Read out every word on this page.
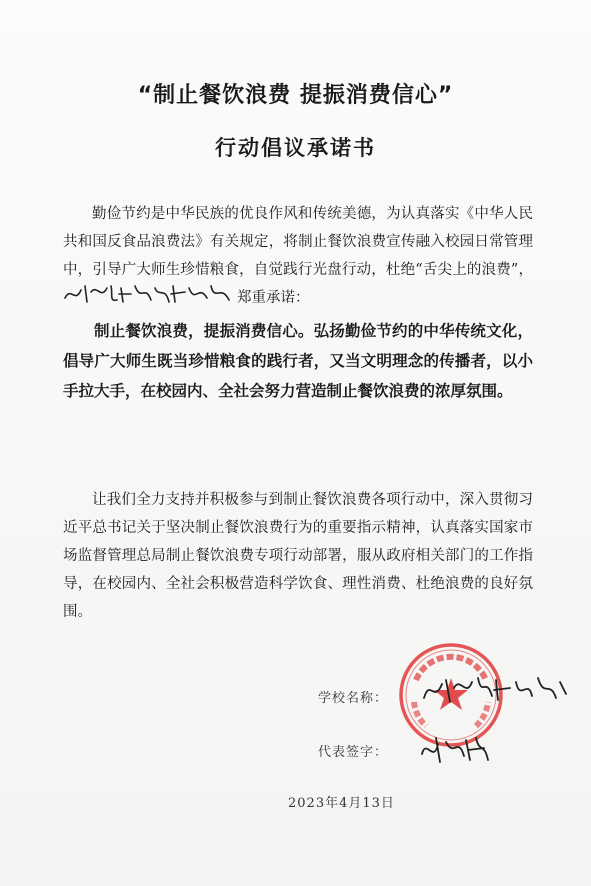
“制止餐饮浪费 提振消费信心”
行动倡议承诺书
勤俭节约是中华民族的优良作风和传统美德，为认真落实《中华人民共和国反食品浪费法》有关规定，将制止餐饮浪费宣传融入校园日常管理中，引导广大师生珍惜粮食，自觉践行光盘行动，杜绝“舌尖上的浪费”，
郑重承诺：
制止餐饮浪费，提振消费信心。弘扬勤俭节约的中华传统文化，倡导广大师生既当珍惜粮食的践行者，又当文明理念的传播者，以小手拉大手，在校园内、全社会努力营造制止餐饮浪费的浓厚氛围。
让我们全力支持并积极参与到制止餐饮浪费各项行动中，深入贯彻习近平总书记关于坚决制止餐饮浪费行为的重要指示精神，认真落实国家市场监督管理总局制止餐饮浪费专项行动部署，服从政府相关部门的工作指导，在校园内、全社会积极营造科学饮食、理性消费、杜绝浪费的良好氛围。
学校名称：
代表签字：
2023年4月13日
